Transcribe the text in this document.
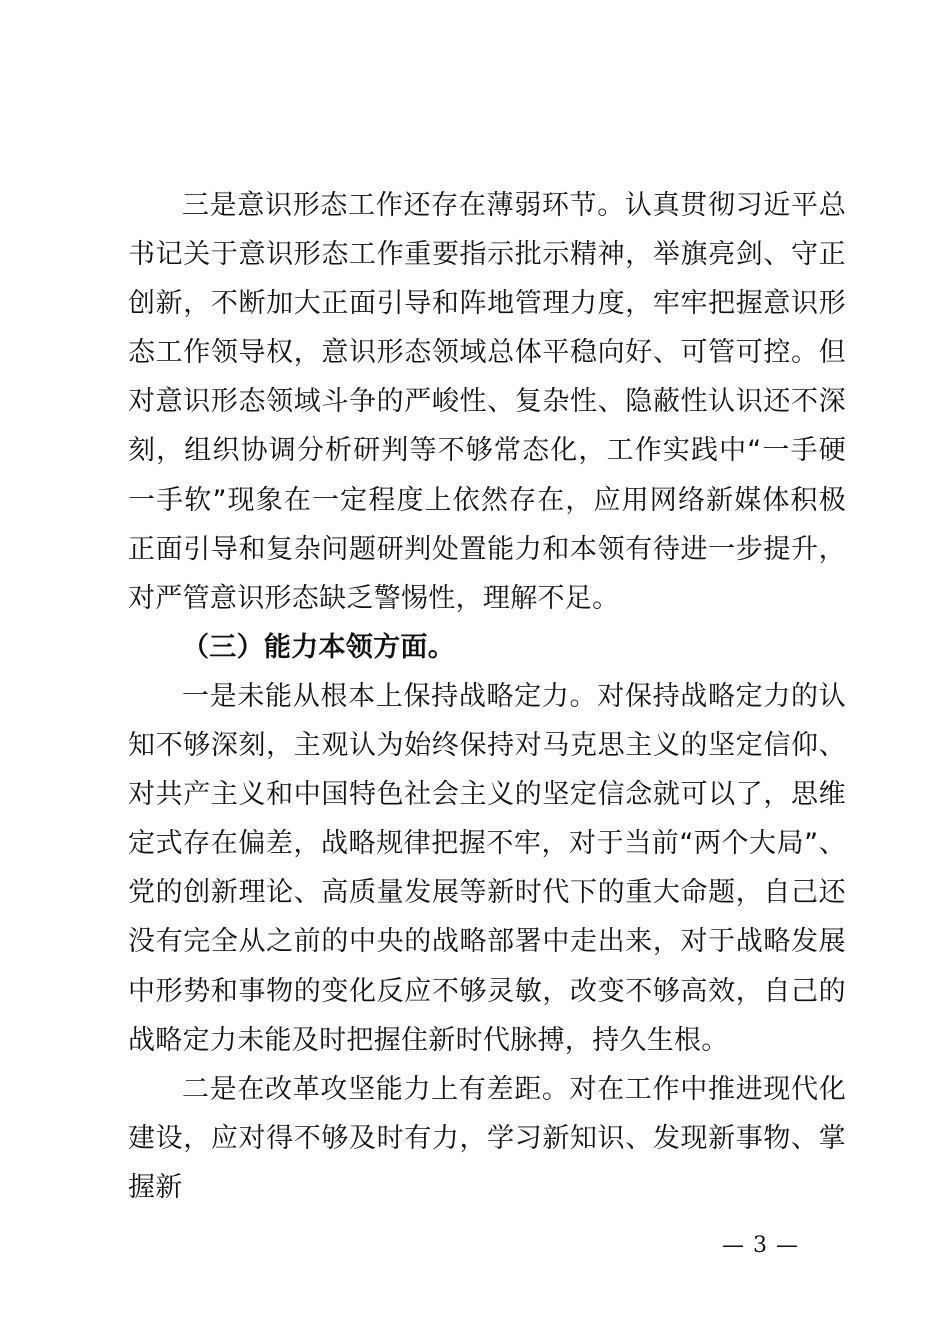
三是意识形态工作还存在薄弱环节。认真贯彻习近平总书记关于意识形态工作重要指示批示精神，举旗亮剑、守正创新，不断加大正面引导和阵地管理力度，牢牢把握意识形态工作领导权，意识形态领域总体平稳向好、可管可控。但对意识形态领域斗争的严峻性、复杂性、隐蔽性认识还不深刻，组织协调分析研判等不够常态化，工作实践中“一手硬一手软”现象在一定程度上依然存在，应用网络新媒体积极正面引导和复杂问题研判处置能力和本领有待进一步提升，对严管意识形态缺乏警惕性，理解不足。

（三）能力本领方面。

一是未能从根本上保持战略定力。对保持战略定力的认知不够深刻，主观认为始终保持对马克思主义的坚定信仰、对共产主义和中国特色社会主义的坚定信念就可以了，思维定式存在偏差，战略规律把握不牢，对于当前“两个大局”、党的创新理论、高质量发展等新时代下的重大命题，自己还没有完全从之前的中央的战略部署中走出来，对于战略发展中形势和事物的变化反应不够灵敏，改变不够高效，自己的战略定力未能及时把握住新时代脉搏，持久生根。

二是在改革攻坚能力上有差距。对在工作中推进现代化建设，应对得不够及时有力，学习新知识、发现新事物、掌握新

— 3 —
